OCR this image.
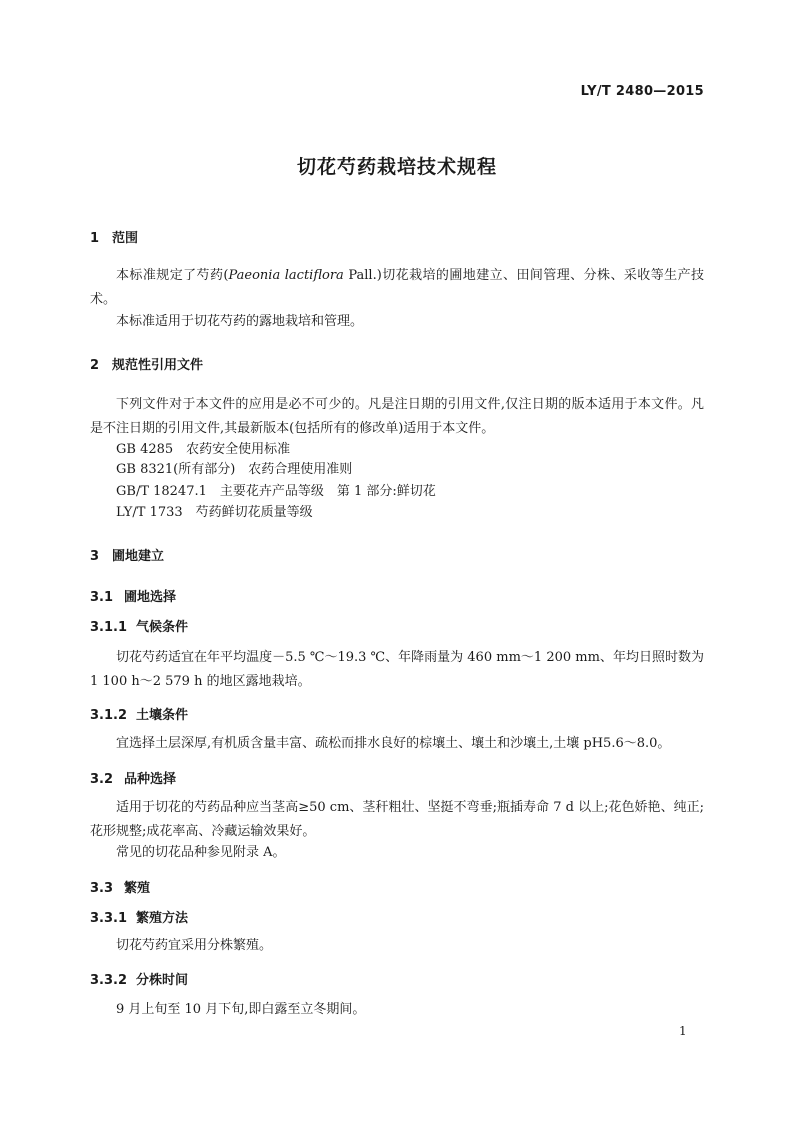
LY/T 2480—2015
切花芍药栽培技术规程
1 范围

本标准规定了芍药(Paeonia lactiflora Pall.)切花栽培的圃地建立、田间管理、分株、采收等生产技术。

本标准适用于切花芍药的露地栽培和管理。

2 规范性引用文件

下列文件对于本文件的应用是必不可少的。凡是注日期的引用文件,仅注日期的版本适用于本文件。凡是不注日期的引用文件,其最新版本(包括所有的修改单)适用于本文件。

GB 4285　农药安全使用标准

GB 8321(所有部分)　农药合理使用准则

GB/T 18247.1　主要花卉产品等级　第 1 部分:鲜切花

LY/T 1733　芍药鲜切花质量等级

3 圃地建立
3.1 圃地选择
3.1.1 气候条件

切花芍药适宜在年平均温度－5.5 ℃～19.3 ℃、年降雨量为 460 mm～1 200 mm、年均日照时数为 1 100 h～2 579 h 的地区露地栽培。

3.1.2 土壤条件

宜选择土层深厚,有机质含量丰富、疏松而排水良好的棕壤土、壤土和沙壤土,土壤 pH5.6～8.0。

3.2 品种选择

适用于切花的芍药品种应当茎高≥50 cm、茎秆粗壮、坚挺不弯垂;瓶插寿命 7 d 以上;花色娇艳、纯正;花形规整;成花率高、冷藏运输效果好。

常见的切花品种参见附录 A。

3.3 繁殖
3.3.1 繁殖方法

切花芍药宜采用分株繁殖。

3.3.2 分株时间

9 月上旬至 10 月下旬,即白露至立冬期间。

1
